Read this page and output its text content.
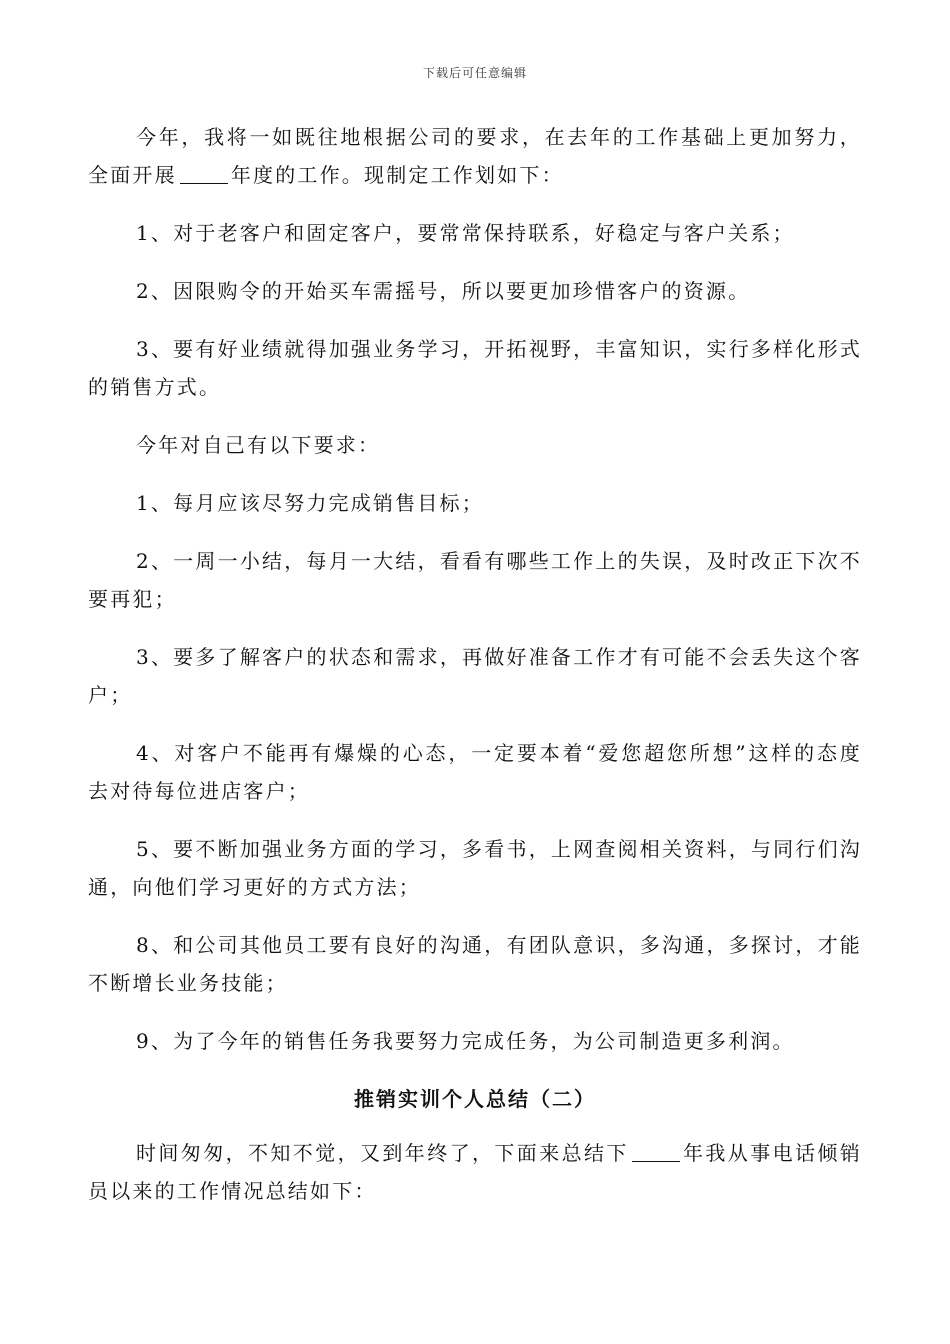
下载后可任意编辑

今年，我将一如既往地根据公司的要求，在去年的工作基础上更加努力，全面开展	年度的工作。现制定工作划如下：

1、对于老客户和固定客户，要常常保持联系，好稳定与客户关系；

2、因限购令的开始买车需摇号，所以要更加珍惜客户的资源。

3、要有好业绩就得加强业务学习，开拓视野，丰富知识，实行多样化形式的销售方式。

今年对自己有以下要求：

1、每月应该尽努力完成销售目标；

2、一周一小结，每月一大结，看看有哪些工作上的失误，及时改正下次不要再犯；

3、要多了解客户的状态和需求，再做好准备工作才有可能不会丢失这个客户；

4、对客户不能再有爆燥的心态，一定要本着“爱您超您所想”这样的态度去对待每位进店客户；

5、要不断加强业务方面的学习，多看书，上网查阅相关资料，与同行们沟通，向他们学习更好的方式方法；

8、和公司其他员工要有良好的沟通，有团队意识，多沟通，多探讨，才能不断增长业务技能；

9、为了今年的销售任务我要努力完成任务，为公司制造更多利润。

推销实训个人总结（二）

时间匆匆，不知不觉，又到年终了，下面来总结下	年我从事电话倾销员以来的工作情况总结如下：
